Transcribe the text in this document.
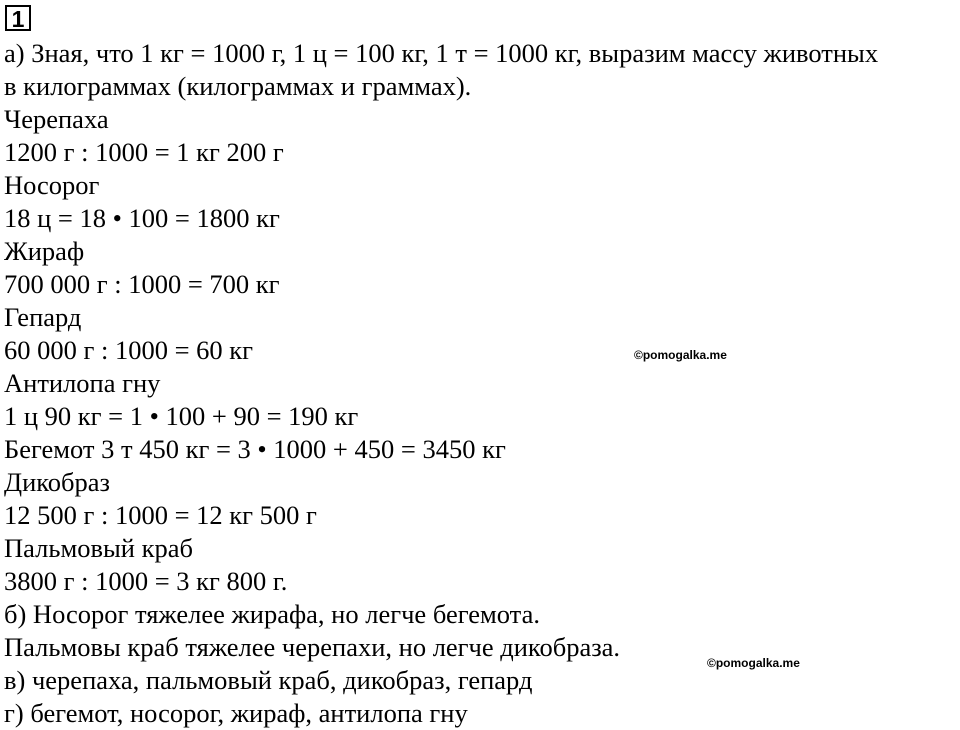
1
а) Зная, что 1 кг = 1000 г, 1 ц = 100 кг, 1 т = 1000 кг, выразим массу животных
в килограммах (килограммах и граммах).
Черепаха
1200 г : 1000 = 1 кг 200 г
Носорог
18 ц = 18 • 100 = 1800 кг
Жираф
700 000 г : 1000 = 700 кг
Гепард
60 000 г : 1000 = 60 кг
Антилопа гну
1 ц 90 кг = 1 • 100 + 90 = 190 кг
Бегемот 3 т 450 кг = 3 • 1000 + 450 = 3450 кг
Дикобраз
12 500 г : 1000 = 12 кг 500 г
Пальмовый краб
3800 г : 1000 = 3 кг 800 г.
б) Носорог тяжелее жирафа, но легче бегемота.
Пальмовы краб тяжелее черепахи, но легче дикобраза.
в) черепаха, пальмовый краб, дикобраз, гепард
г) бегемот, носорог, жираф, антилопа гну
©pomogalka.me
©pomogalka.me
